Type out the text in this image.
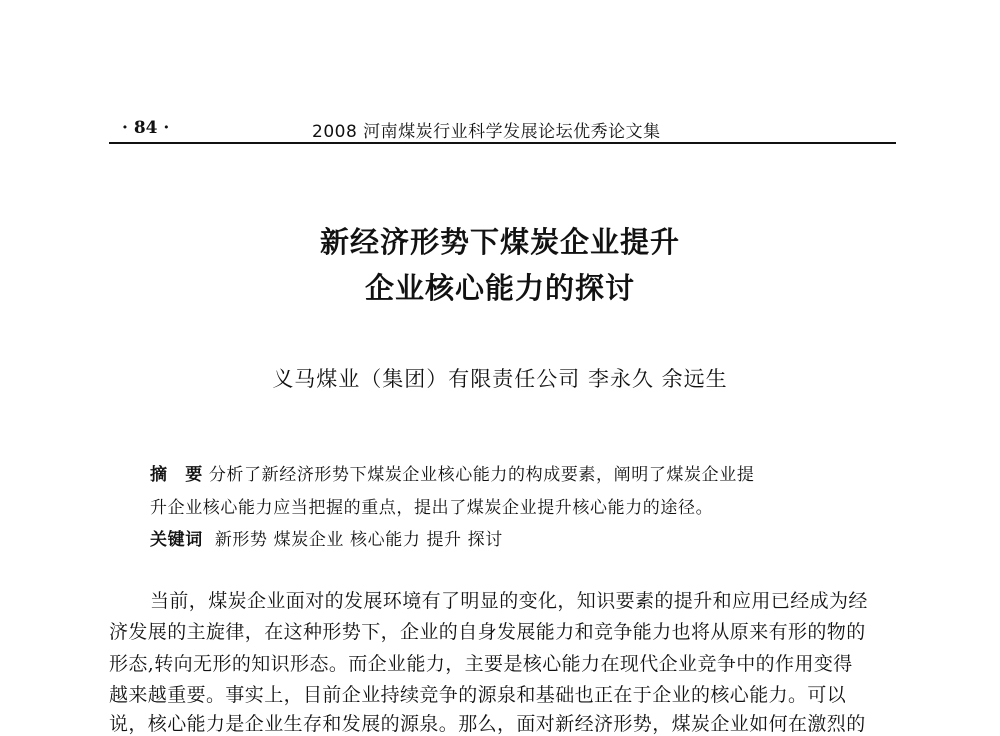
· 84 ·	2008 河南煤炭行业科学发展论坛优秀论文集
新经济形势下煤炭企业提升
企业核心能力的探讨
义马煤业（集团）有限责任公司 李永久 余远生
摘　要 分析了新经济形势下煤炭企业核心能力的构成要素，阐明了煤炭企业提
升企业核心能力应当把握的重点，提出了煤炭企业提升核心能力的途径。
关键词 新形势 煤炭企业 核心能力 提升 探讨
当前，煤炭企业面对的发展环境有了明显的变化，知识要素的提升和应用已经成为经
济发展的主旋律，在这种形势下，企业的自身发展能力和竞争能力也将从原来有形的物的
形态,转向无形的知识形态。而企业能力，主要是核心能力在现代企业竞争中的作用变得
越来越重要。事实上，目前企业持续竞争的源泉和基础也正在于企业的核心能力。可以
说，核心能力是企业生存和发展的源泉。那么，面对新经济形势，煤炭企业如何在激烈的
